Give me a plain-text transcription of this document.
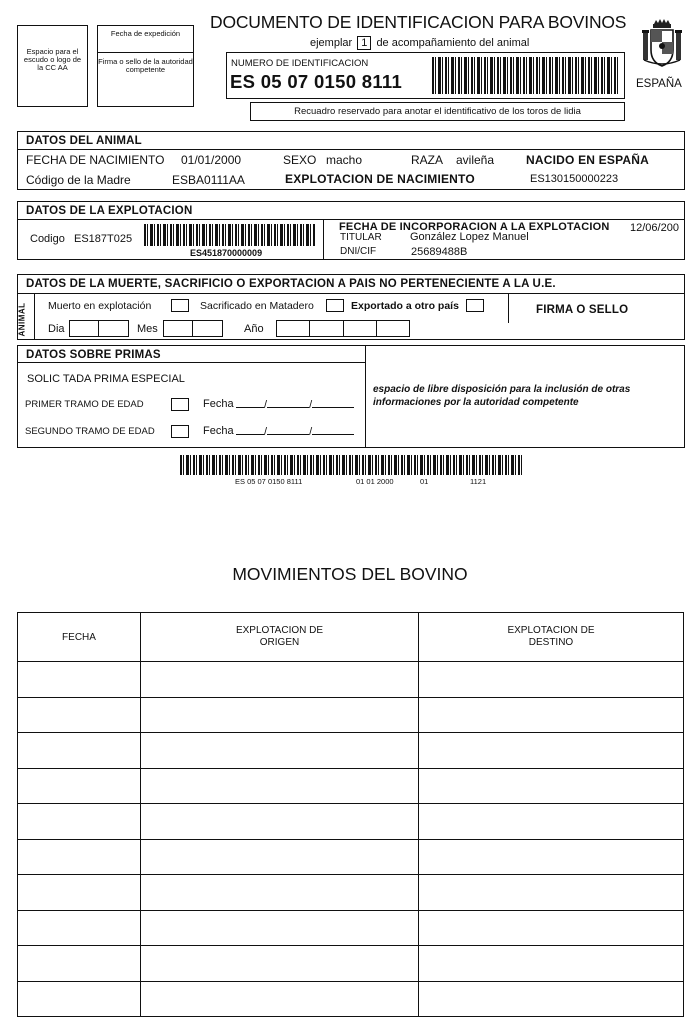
Espacio para el escudo o logo de la CC AA
Fecha de expedición
Firma o sello de la autoridad competente
DOCUMENTO DE IDENTIFICACION PARA BOVINOS
ejemplar 1 de acompañamiento del animal
NUMERO DE IDENTIFICACION
ES 05 07 0150 8111
Recuadro reservado para anotar el identificativo de los toros de lidia
ESPAÑA
DATOS DEL ANIMAL
FECHA DE NACIMIENTO 01/01/2000	SEXO macho	RAZA avileña	NACIDO EN ESPAÑA
Código de la Madre	ESBA0111AA	EXPLOTACION DE NACIMIENTO	ES130150000223
DATOS DE LA EXPLOTACION
Codigo ES187T025
ES451870000009
FECHA DE INCORPORACION A LA EXPLOTACION 12/06/200
TITULAR	González Lopez Manuel
DNI/CIF	25689488B
DATOS DE LA MUERTE, SACRIFICIO O EXPORTACION A PAIS NO PERTENECIENTE A LA U.E.
ANIMAL Muerto en explotación	Sacrificado en Matadero	Exportado a otro país	FIRMA O SELLO
Dia	Mes	Año
DATOS SOBRE PRIMAS
SOLIC TADA PRIMA ESPECIAL
PRIMER TRAMO DE EDAD	Fecha	/	/
SEGUNDO TRAMO DE EDAD	Fecha	/	/
espacio de libre disposición para la inclusión de otras informaciones por la autoridad competente
ES 05 07 0150 8111	01 01 2000	01	1121
MOVIMIENTOS DEL BOVINO
FECHA	EXPLOTACION DE ORIGEN	EXPLOTACION DE DESTINO
